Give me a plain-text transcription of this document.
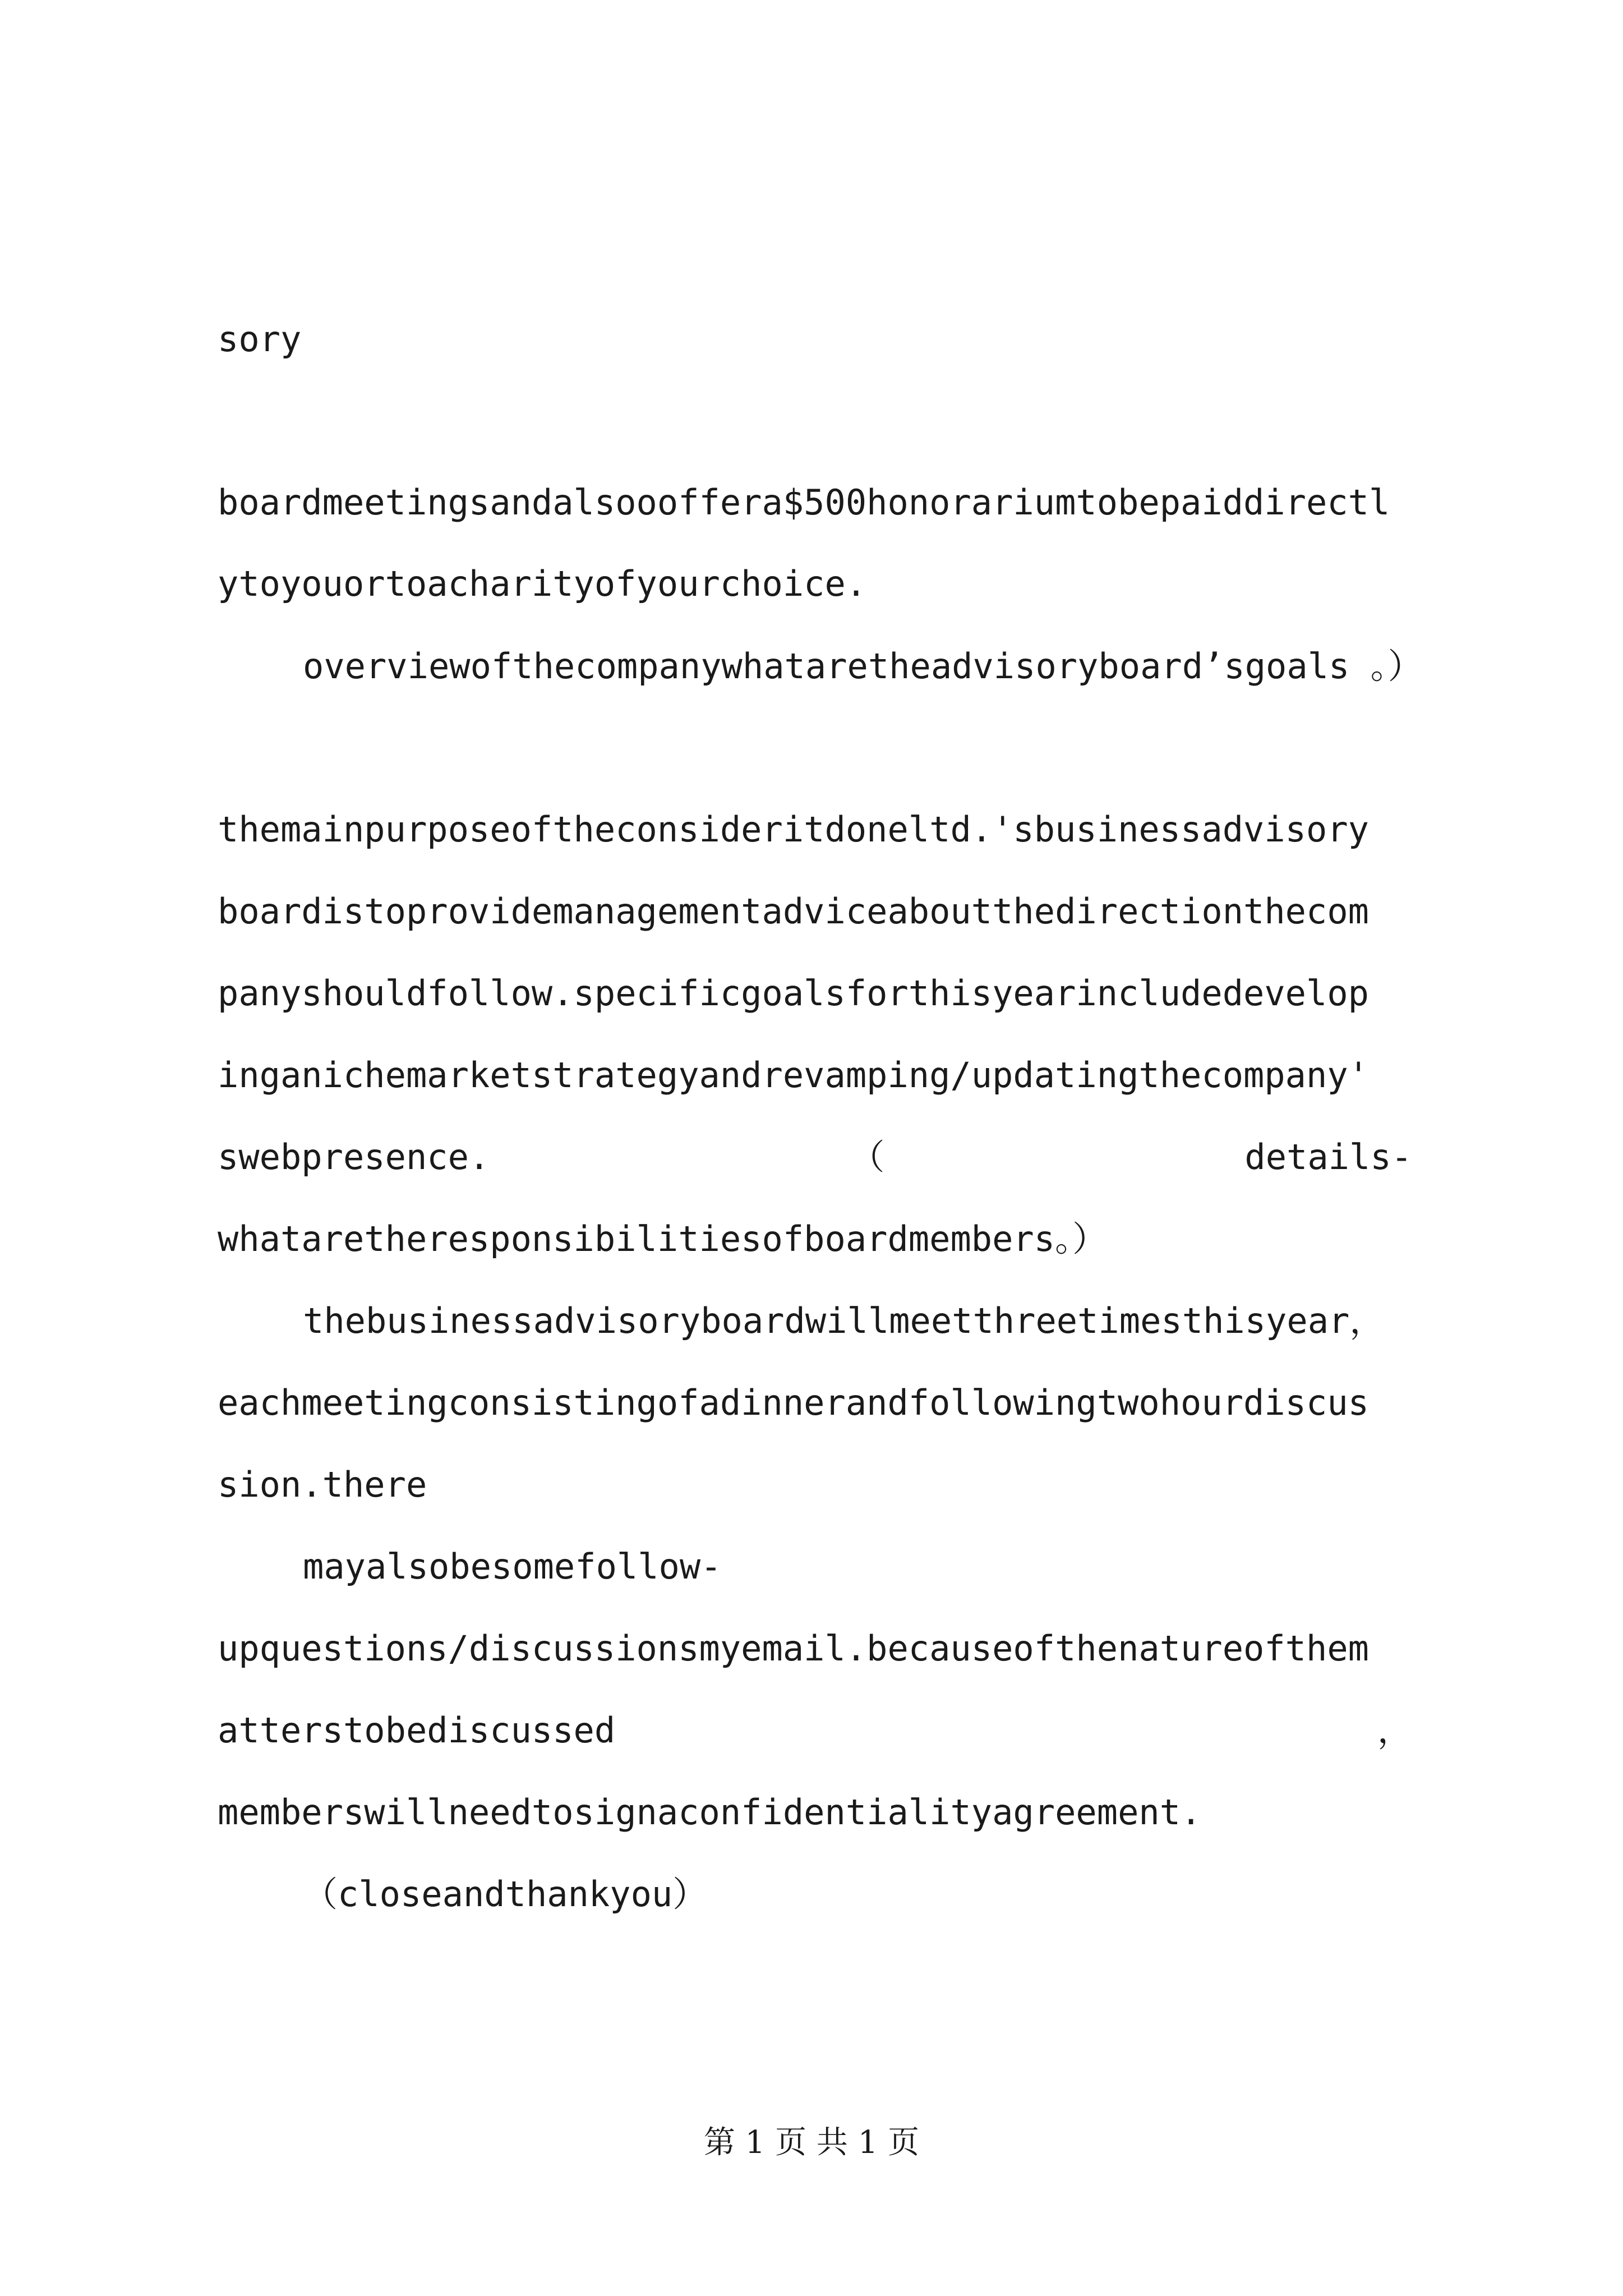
sory
boardmeetingsandalsoooffera$500honorariumtobepaiddirectl
ytoyouortoacharityofyourchoice.
overviewofthecompanywhataretheadvisoryboard’sgoals 。）
themainpurposeoftheconsideritdoneltd.'sbusinessadvisory
boardistoprovidemanagementadviceaboutthedirectionthecom
panyshouldfollow.specificgoalsforthisyearincludedevelop
inganichemarketstrategyandrevamping/updatingthecompany'
swebpresence.	（	details-
whataretheresponsibilitiesofboardmembers。）
thebusinessadvisoryboardwillmeetthreetimesthisyear，
eachmeetingconsistingofadinnerandfollowingtwohourdiscus
sion.there
mayalsobesomefollow-
upquestions/discussionsmyemail.becauseofthenatureofthem
atterstobediscussed	，
memberswillneedtosignaconfidentialityagreement.
（closeandthankyou）
第 1 页 共 1 页
